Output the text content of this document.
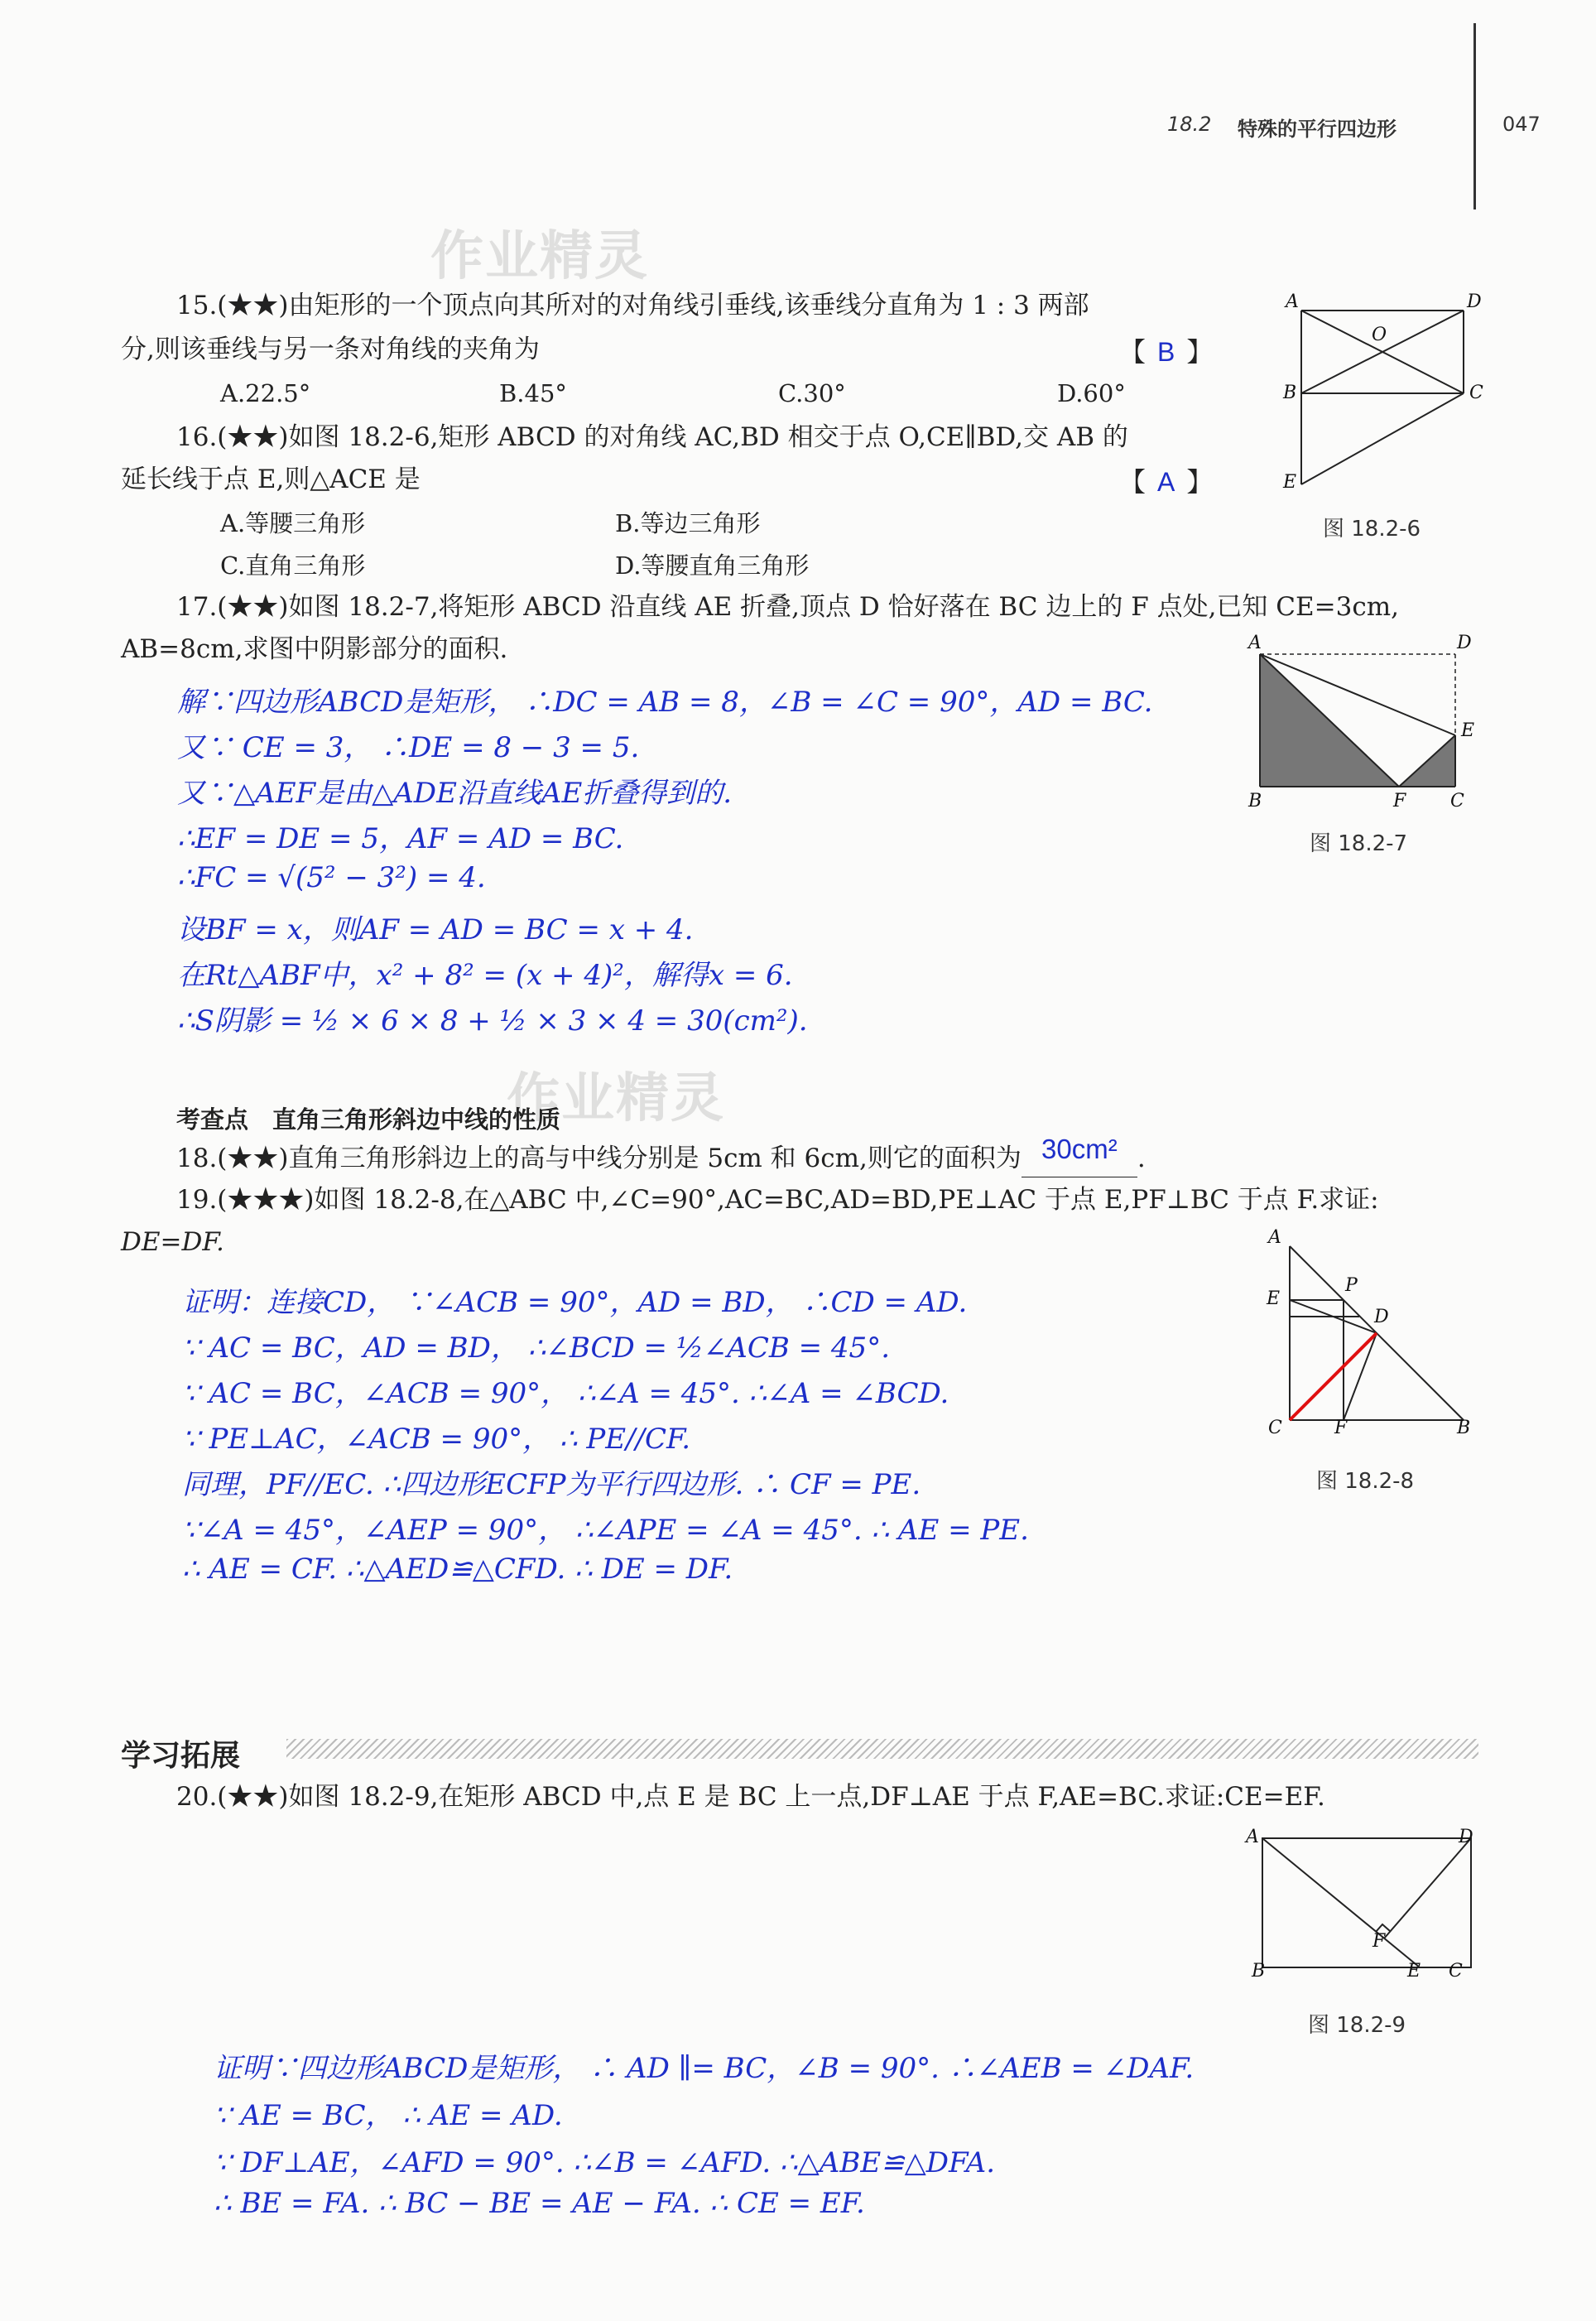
18.2 特殊的平行四边形	047
作业精灵
15.(★★)由矩形的一个顶点向其所对的对角线引垂线,该垂线分直角为 1 : 3 两部
分,则该垂线与另一条对角线的夹角为	【 B 】
A.22.5°	B.45°	C.30°	D.60°
A	D
O
B	C
E
图 18.2-6
16.(★★)如图 18.2-6,矩形 ABCD 的对角线 AC,BD 相交于点 O,CE∥BD,交 AB 的
延长线于点 E,则△ACE 是	【 A 】
A.等腰三角形	B.等边三角形
C.直角三角形	D.等腰直角三角形
17.(★★)如图 18.2-7,将矩形 ABCD 沿直线 AE 折叠,顶点 D 恰好落在 BC 边上的 F 点处,已知 CE=3cm,
AB=8cm,求图中阴影部分的面积.
解∵四边形ABCD是矩形， ∴DC = AB = 8，∠B = ∠C = 90°，AD = BC.
又∵ CE = 3， ∴DE = 8 − 3 = 5.
又∵△AEF是由△ADE沿直线AE折叠得到的.
∴EF = DE = 5，AF = AD = BC.
∴FC = √(5² − 3²) = 4.
设BF = x，则AF = AD = BC = x + 4.
在Rt△ABF中，x² + 8² = (x + 4)²，解得x = 6.
∴S阴影 = ½ × 6 × 8 + ½ × 3 × 4 = 30(cm²).
A	D
E
B	F C
图 18.2-7
作业精灵
考查点　直角三角形斜边中线的性质
18.(★★)直角三角形斜边上的高与中线分别是 5cm 和 6cm,则它的面积为 30cm² .
19.(★★★)如图 18.2-8,在△ABC 中,∠C=90°,AC=BC,AD=BD,PE⊥AC 于点 E,PF⊥BC 于点 F.求证:
DE=DF.
证明：连接CD， ∵∠ACB = 90°，AD = BD， ∴CD = AD.
∵ AC = BC，AD = BD， ∴∠BCD = ½∠ACB = 45°.
∵ AC = BC，∠ACB = 90°， ∴∠A = 45°. ∴∠A = ∠BCD.
∵ PE⊥AC，∠ACB = 90°， ∴ PE//CF.
同理，PF//EC. ∴四边形ECFP为平行四边形. ∴ CF = PE.
∵∠A = 45°，∠AEP = 90°， ∴∠APE = ∠A = 45°. ∴ AE = PE.
∴ AE = CF. ∴△AED≌△CFD. ∴ DE = DF.
A
P
E
D
C	F	B
图 18.2-8
学习拓展
20.(★★)如图 18.2-9,在矩形 ABCD 中,点 E 是 BC 上一点,DF⊥AE 于点 F,AE=BC.求证:CE=EF.
A	D
F
B	E C
图 18.2-9
证明∵四边形ABCD是矩形， ∴ AD ∥= BC，∠B = 90°. ∴∠AEB = ∠DAF.
∵ AE = BC， ∴ AE = AD.
∵ DF⊥AE，∠AFD = 90°. ∴∠B = ∠AFD. ∴△ABE≌△DFA.
∴ BE = FA. ∴ BC − BE = AE − FA. ∴ CE = EF.
